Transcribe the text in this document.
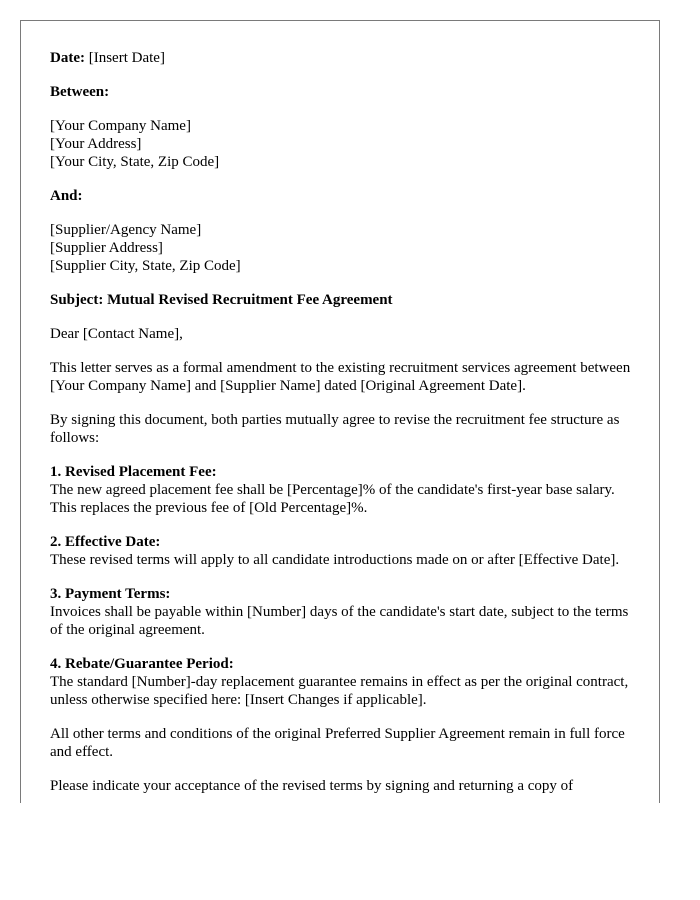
Date: [Insert Date]

Between:

[Your Company Name]
[Your Address]
[Your City, State, Zip Code]

And:

[Supplier/Agency Name]
[Supplier Address]
[Supplier City, State, Zip Code]

Subject: Mutual Revised Recruitment Fee Agreement

Dear [Contact Name],

This letter serves as a formal amendment to the existing recruitment services agreement between [Your Company Name] and [Supplier Name] dated [Original Agreement Date].

By signing this document, both parties mutually agree to revise the recruitment fee structure as follows:

1. Revised Placement Fee:
The new agreed placement fee shall be [Percentage]% of the candidate's first-year base salary. This replaces the previous fee of [Old Percentage]%.

2. Effective Date:
These revised terms will apply to all candidate introductions made on or after [Effective Date].

3. Payment Terms:
Invoices shall be payable within [Number] days of the candidate's start date, subject to the terms of the original agreement.

4. Rebate/Guarantee Period:
The standard [Number]-day replacement guarantee remains in effect as per the original contract, unless otherwise specified here: [Insert Changes if applicable].

All other terms and conditions of the original Preferred Supplier Agreement remain in full force and effect.

Please indicate your acceptance of the revised terms by signing and returning a copy of
